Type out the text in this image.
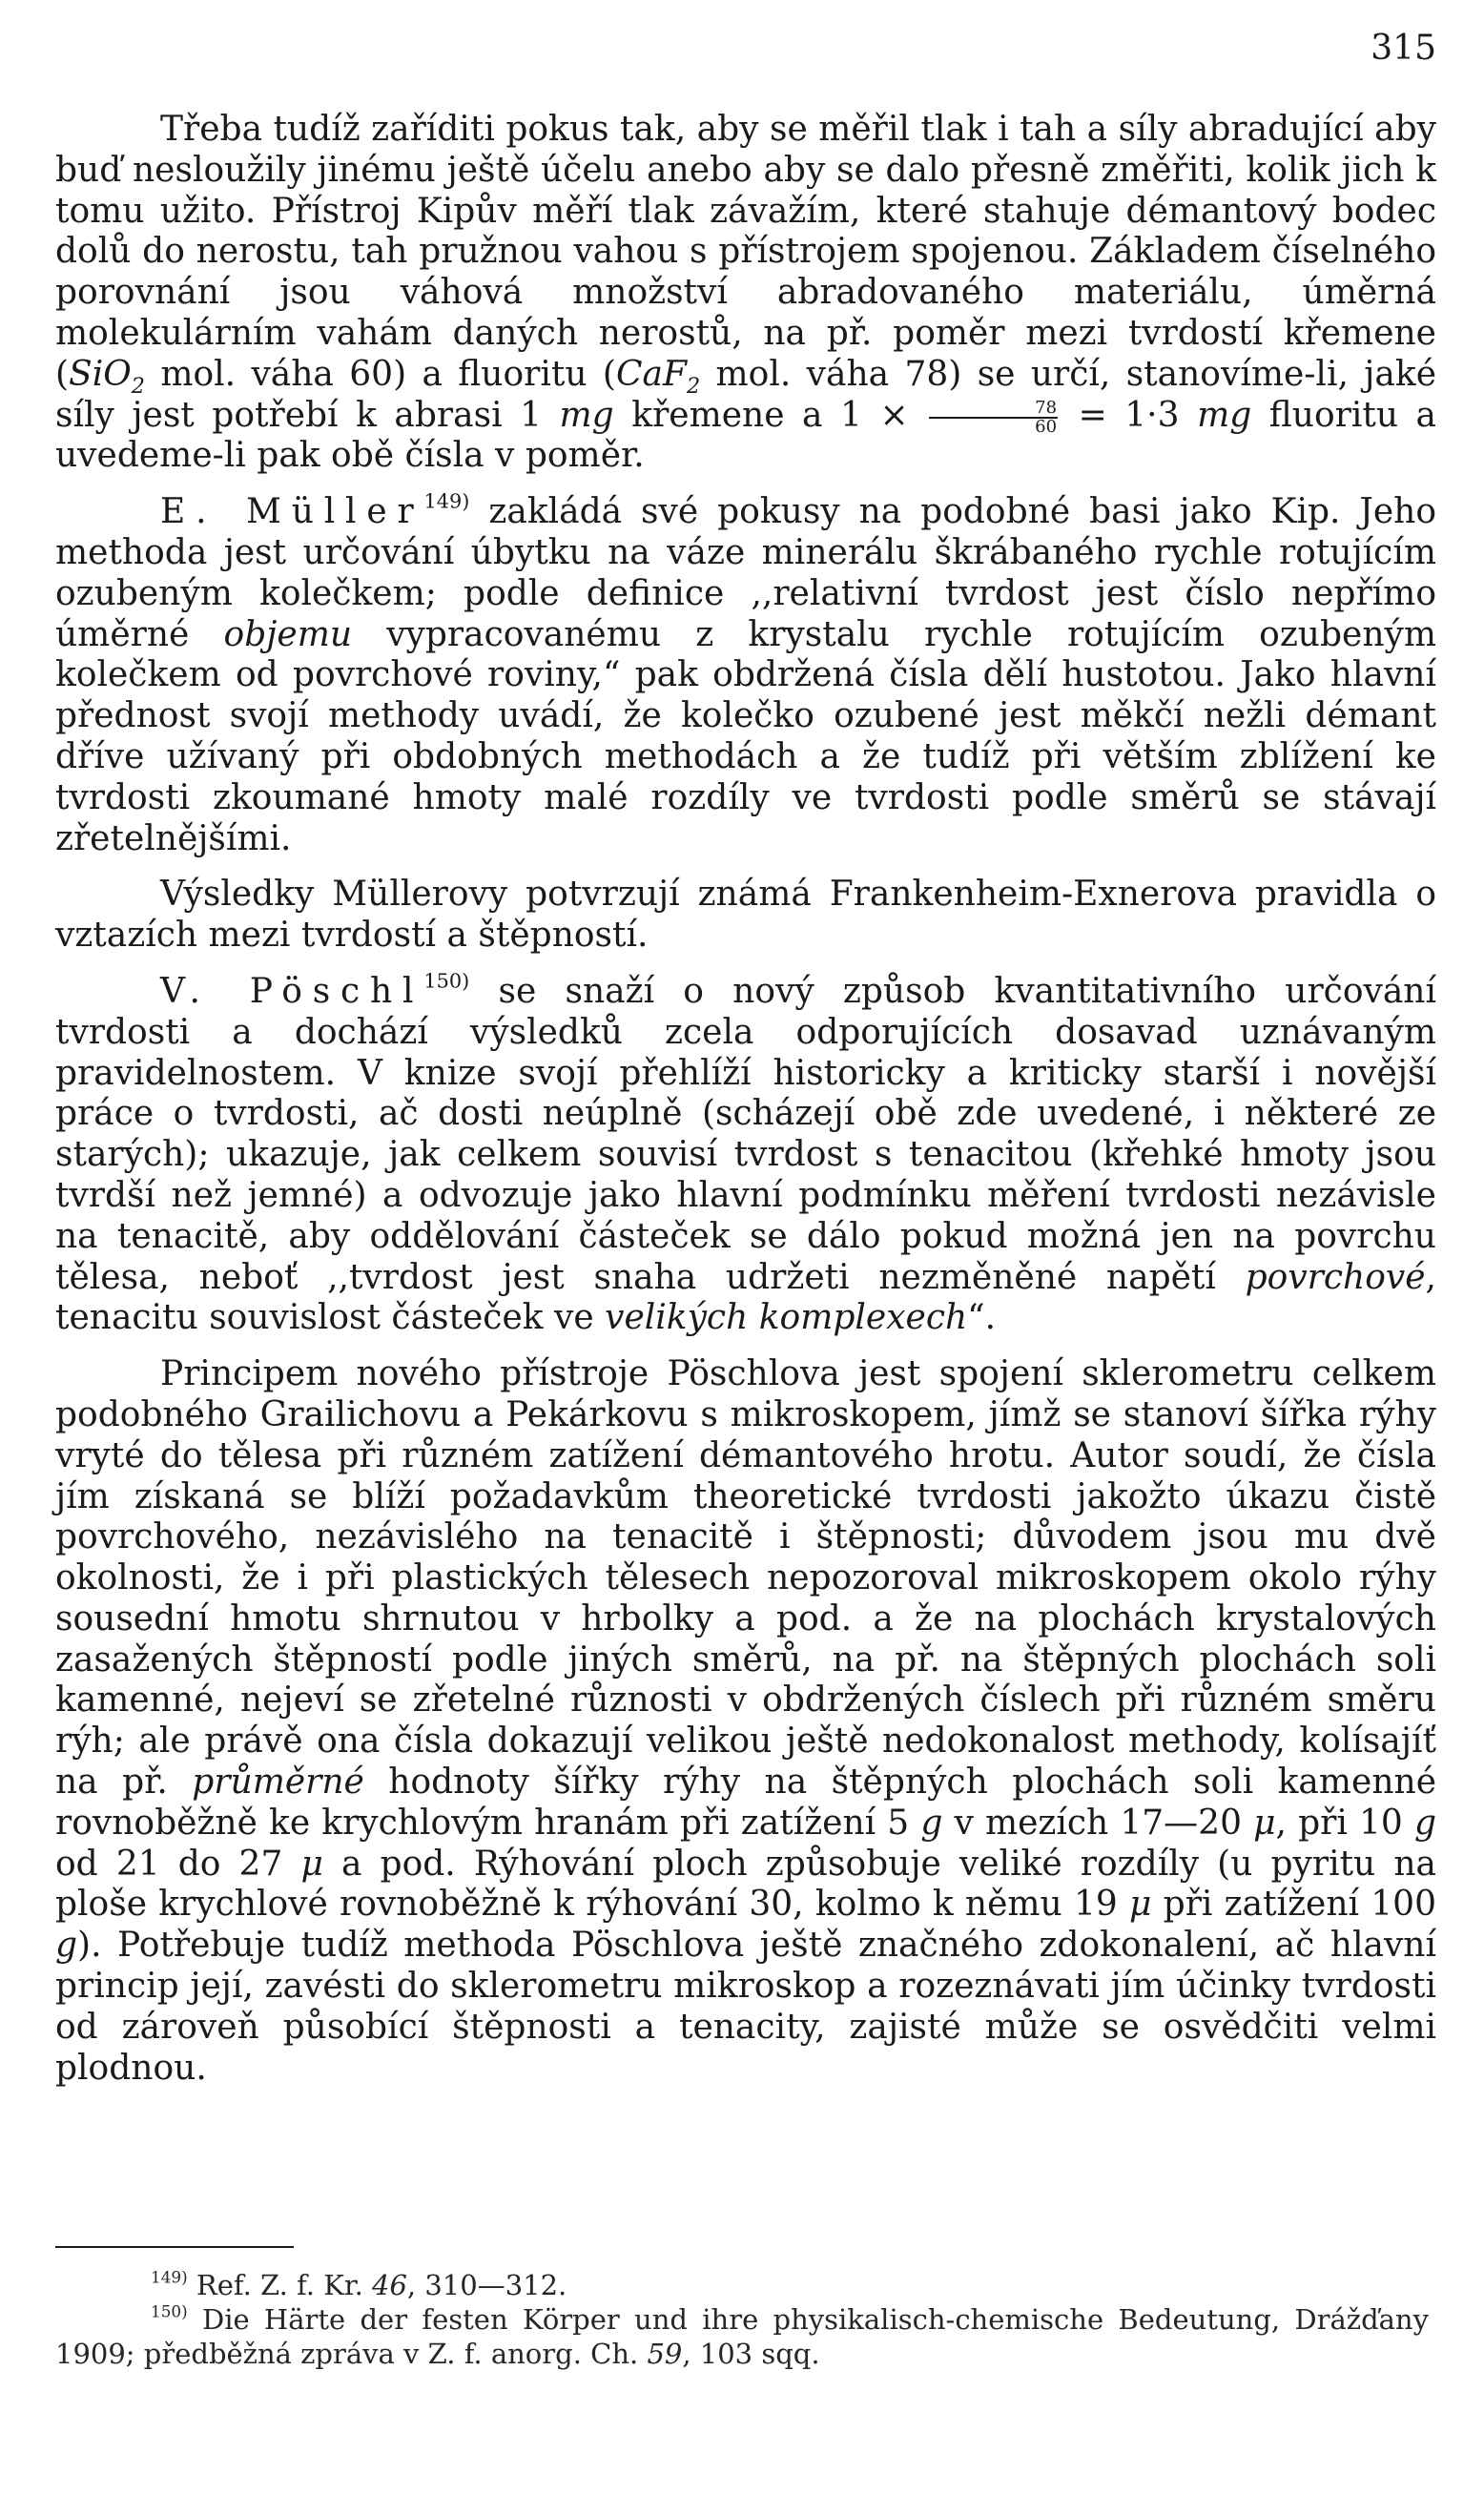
315

Třeba tudíž zaříditi pokus tak, aby se měřil tlak i tah a síly abradující aby buď nesloužily jinému ještě účelu anebo aby se dalo přesně změřiti, kolik jich k tomu užito. Přístroj Kipův měří tlak závažím, které stahuje démantový bodec dolů do nerostu, tah pružnou vahou s přístrojem spojenou. Základem číselného porovnání jsou váhová množství abradovaného materiálu, úměrná molekulárním vahám daných nerostů, na př. poměr mezi tvrdostí křemene (SiO$_2$ mol. váha 60) a fluoritu (CaF$_2$ mol. váha 78) se určí, stanovíme-li, jaké síly jest potřebí k abrasi 1 mg křemene a $1 \times \frac{78}{60} = 1\cdot 3$ mg fluoritu a uvedeme-li pak obě čísla v poměr.

E. Müller$^{149)}$ zakládá své pokusy na podobné basi jako Kip. Jeho methoda jest určování úbytku na váze minerálu škrábaného rychle rotujícím ozubeným kolečkem; podle definice ,,relativní tvrdost jest číslo nepřímo úměrné objemu vypracovanému z krystalu rychle rotujícím ozubeným kolečkem od povrchové roviny,“ pak obdržená čísla dělí hustotou. Jako hlavní přednost svojí methody uvádí, že kolečko ozubené jest měkčí nežli démant dříve užívaný při obdobných methodách a že tudíž při větším zblížení ke tvrdosti zkoumané hmoty malé rozdíly ve tvrdosti podle směrů se stávají zřetelnějšími.

Výsledky Müllerovy potvrzují známá Frankenheim-Exnerova pravidla o vztazích mezi tvrdostí a štěpností.

V. Pöschl$^{150)}$ se snaží o nový způsob kvantitativního určování tvrdosti a dochází výsledků zcela odporujících dosavad uznávaným pravidelnostem. V knize svojí přehlíží historicky a kriticky starší i novější práce o tvrdosti, ač dosti neúplně (scházejí obě zde uvedené, i některé ze starých); ukazuje, jak celkem souvisí tvrdost s tenacitou (křehké hmoty jsou tvrdší než jemné) a odvozuje jako hlavní podmínku měření tvrdosti nezávisle na tenacitě, aby oddělování částeček se dálo pokud možná jen na povrchu tělesa, neboť ,,tvrdost jest snaha udržeti nezměněné napětí povrchové, tenacitu souvislost částeček ve velikých komplexech“.

Principem nového přístroje Pöschlova jest spojení sklerometru celkem podobného Grailichovu a Pekárkovu s mikroskopem, jímž se stanoví šířka rýhy vryté do tělesa při různém zatížení démantového hrotu. Autor soudí, že čísla jím získaná se blíží požadavkům theoretické tvrdosti jakožto úkazu čistě povrchového, nezávislého na tenacitě i štěpnosti; důvodem jsou mu dvě okolnosti, že i při plastických tělesech nepozoroval mikroskopem okolo rýhy sousední hmotu shrnutou v hrbolky a pod. a že na plochách krystalových zasažených štěpností podle jiných směrů, na př. na štěpných plochách soli kamenné, nejeví se zřetelné různosti v obdržených číslech při různém směru rýh; ale právě ona čísla dokazují velikou ještě nedokonalost methody, kolísajíť na př. průměrné hodnoty šířky rýhy na štěpných plochách soli kamenné rovnoběžně ke krychlovým hranám při zatížení 5 g v mezích 17—20 μ, při 10 g od 21 do 27 μ a pod. Rýhování ploch způsobuje veliké rozdíly (u pyritu na ploše krychlové rovnoběžně k rýhování 30, kolmo k němu 19 μ při zatížení 100 g). Potřebuje tudíž methoda Pöschlova ještě značného zdokonalení, ač hlavní princip její, zavésti do sklerometru mikroskop a rozeznávati jím účinky tvrdosti od zároveň působící štěpnosti a tenacity, zajisté může se osvědčiti velmi plodnou.

$^{149)}$ Ref. Z. f. Kr. 46, 310—312.

$^{150)}$ Die Härte der festen Körper und ihre physikalisch-chemische Bedeutung, Drážďany 1909; předběžná zpráva v Z. f. anorg. Ch. 59, 103 sqq.
